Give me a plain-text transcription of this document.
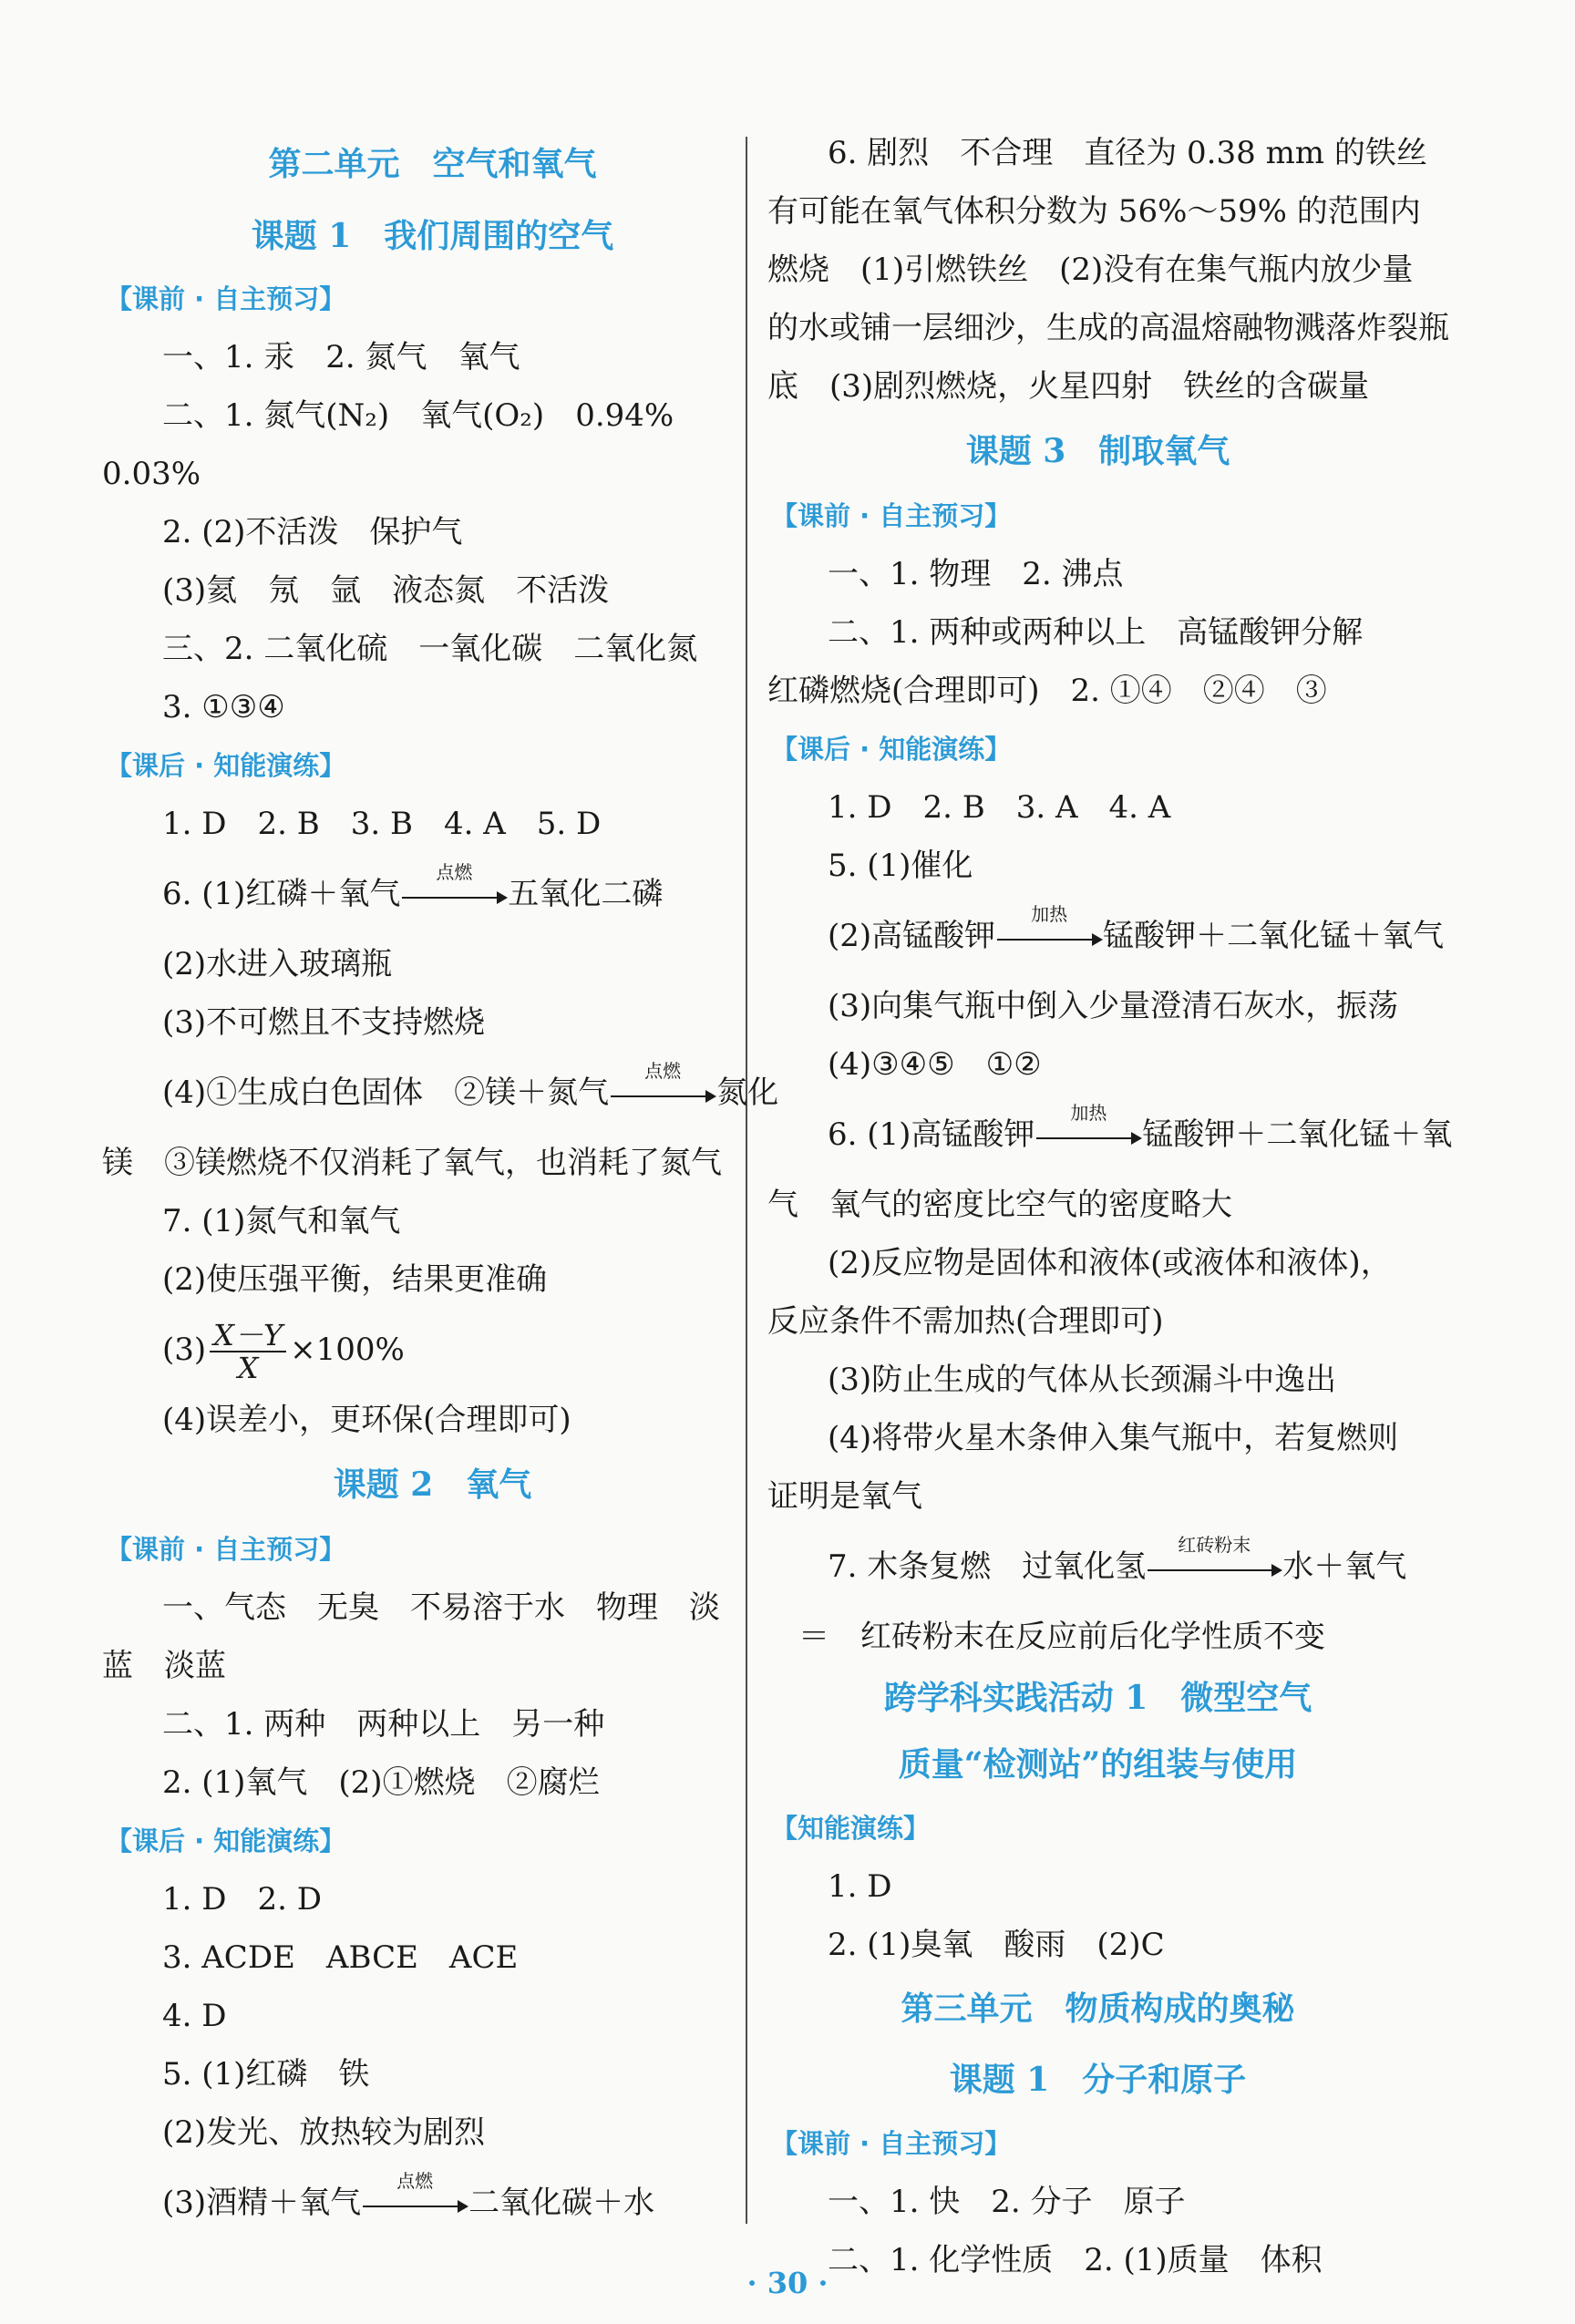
第二单元　空气和氧气
课题 1　我们周围的空气
【课前 · 自主预习】
一、1. 汞　2. 氮气　氧气
二、1. 氮气(N₂)　氧气(O₂)　0.94%
0.03%
2. (2)不活泼　保护气
(3)氦　氖　氩　液态氮　不活泼
三、2. 二氧化硫　一氧化碳　二氧化氮
3. ①③④
【课后 · 知能演练】
1. D　2. B　3. B　4. A　5. D
6. (1)红磷＋氧气
点燃
五氧化二磷
(2)水进入玻璃瓶
(3)不可燃且不支持燃烧
(4)①生成白色固体　②镁＋氮气
点燃
氮化
镁　③镁燃烧不仅消耗了氧气，也消耗了氮气
7. (1)氮气和氧气
(2)使压强平衡，结果更准确
$(3) \frac{X-Y}{X} \times 100\%$
(4)误差小，更环保(合理即可)
课题 2　氧气
【课前 · 自主预习】
一、气态　无臭　不易溶于水　物理　淡
蓝　淡蓝
二、1. 两种　两种以上　另一种
2. (1)氧气　(2)①燃烧　②腐烂
【课后 · 知能演练】
1. D　2. D
3. ACDE　ABCE　ACE
4. D
5. (1)红磷　铁
(2)发光、放热较为剧烈
(3)酒精＋氧气
点燃
二氧化碳＋水
6. 剧烈　不合理　直径为 0.38 mm 的铁丝
有可能在氧气体积分数为 56%～59% 的范围内
燃烧　(1)引燃铁丝　(2)没有在集气瓶内放少量
的水或铺一层细沙，生成的高温熔融物溅落炸裂瓶
底　(3)剧烈燃烧，火星四射　铁丝的含碳量
课题 3　制取氧气
【课前 · 自主预习】
一、1. 物理　2. 沸点
二、1. 两种或两种以上　高锰酸钾分解
红磷燃烧(合理即可)　2. ①④　②④　③
【课后 · 知能演练】
1. D　2. B　3. A　4. A
5. (1)催化
(2)高锰酸钾
加热
锰酸钾＋二氧化锰＋氧气
(3)向集气瓶中倒入少量澄清石灰水，振荡
(4)③④⑤　①②
6. (1)高锰酸钾
加热
锰酸钾＋二氧化锰＋氧
气　氧气的密度比空气的密度略大
(2)反应物是固体和液体(或液体和液体)，
反应条件不需加热(合理即可)
(3)防止生成的气体从长颈漏斗中逸出
(4)将带火星木条伸入集气瓶中，若复燃则
证明是氧气
7. 木条复燃　过氧化氢
红砖粉末
水＋氧气
＝　红砖粉末在反应前后化学性质不变
跨学科实践活动 1　微型空气
质量“检测站”的组装与使用
【知能演练】
1. D
2. (1)臭氧　酸雨　(2)C
第三单元　物质构成的奥秘
课题 1　分子和原子
【课前 · 自主预习】
一、1. 快　2. 分子　原子
二、1. 化学性质　2. (1)质量　体积
· 30 ·
